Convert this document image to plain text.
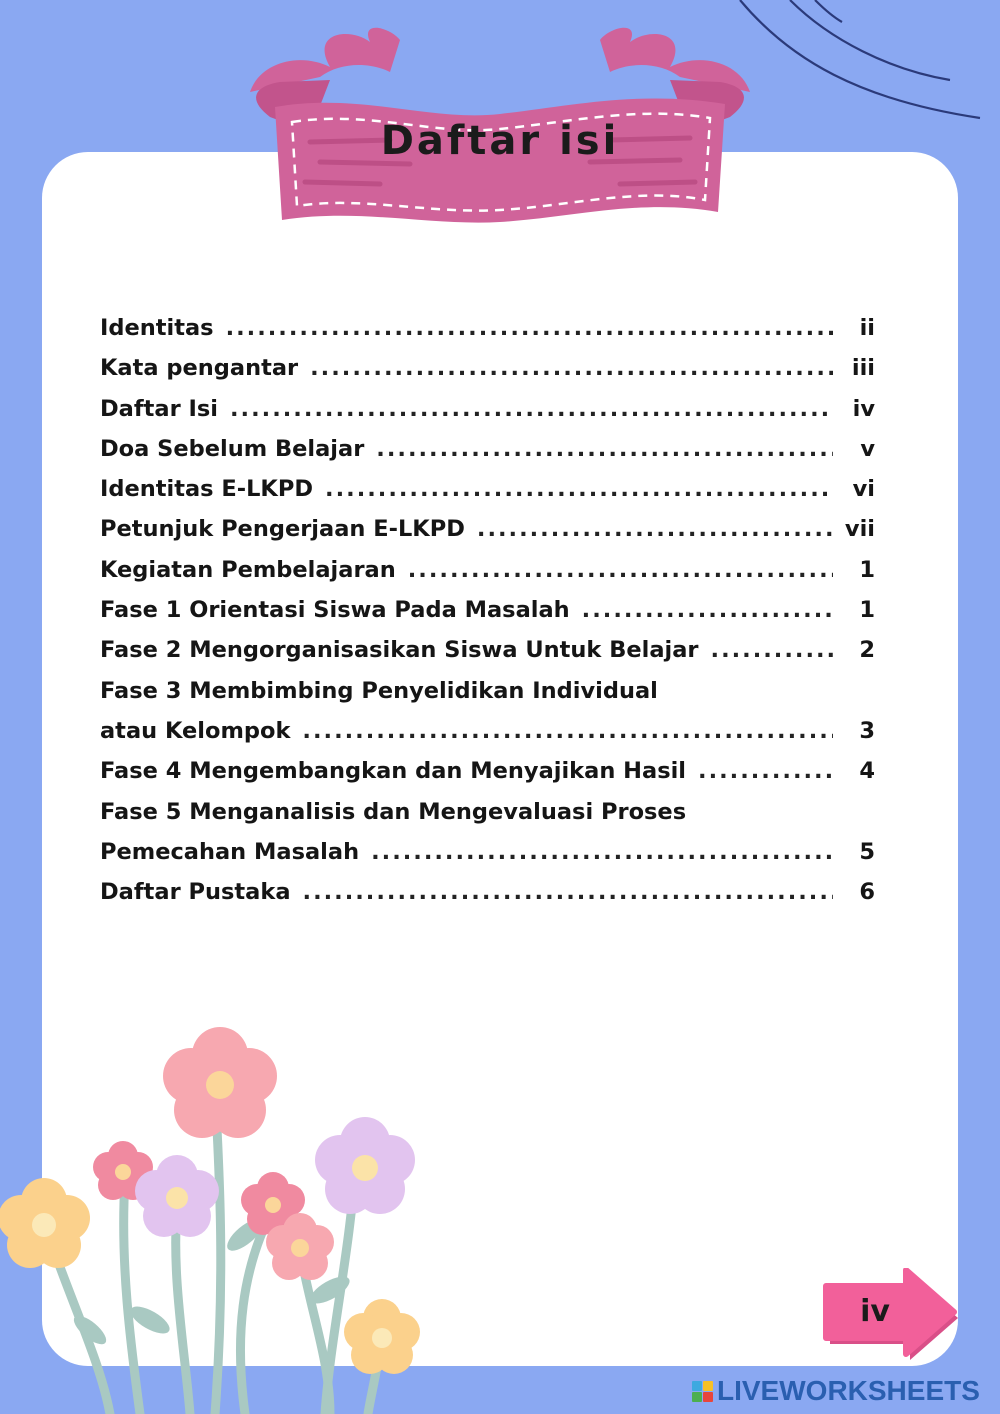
Daftar isi
Identitas .....	ii
Kata pengantar .....	iii
Daftar Isi .....	iv
Doa Sebelum Belajar .....	v
Identitas E-LKPD .....	vi
Petunjuk Pengerjaan E-LKPD .....	vii
Kegiatan Pembelajaran .....	1
Fase 1 Orientasi Siswa Pada Masalah .....	1
Fase 2 Mengorganisasikan Siswa Untuk Belajar .....	2
Fase 3 Membimbing Penyelidikan Individual
atau Kelompok .....	3
Fase 4 Mengembangkan dan Menyajikan Hasil .....	4
Fase 5 Menganalisis dan Mengevaluasi Proses
Pemecahan Masalah .....	5
Daftar Pustaka .....	6
iv
LIVEWORKSHEETS
